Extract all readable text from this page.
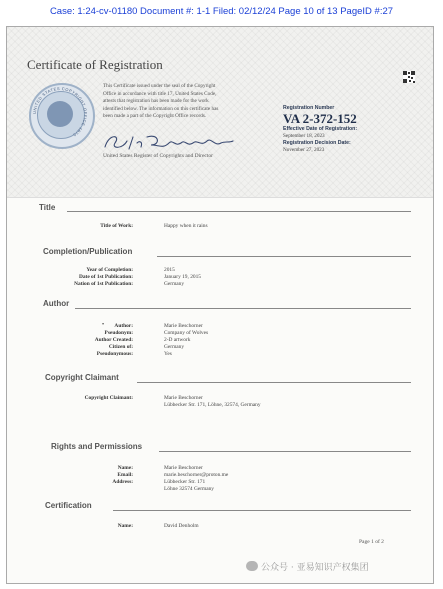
Case: 1:24-cv-01180 Document #: 1-1 Filed: 02/12/24 Page 10 of 13 PageID #:27
Certificate of Registration
UNITED STATES COPYRIGHT OFFICE 1870
This Certificate issued under the seal of the Copyright
Office in accordance with title 17, United States Code,
attests that registration has been made for the work
identified below. The information on this certificate has
been made a part of the Copyright Office records.
United States Register of Copyrights and Director
Registration Number
VA 2-372-152
Effective Date of Registration:
September 18, 2023
Registration Decision Date:
November 27, 2023
Title
Title of Work:	Happy when it rains
Completion/Publication
Year of Completion:	2015
Date of 1st Publication:	January 19, 2015
Nation of 1st Publication:	Germany
Author
• Author:	Marie Beschorner
Pseudonym:	Company of Wolves
Author Created:	2-D artwork
Citizen of:	Germany
Pseudonymous:	Yes
Copyright Claimant
Copyright Claimant:	Marie Beschorner
Lübbecker Str. 171, Löhne, 32574, Germany
Rights and Permissions
Name:	Marie Beschorner
Email:	marie.beschorner@proton.me
Address:	Lübbecker Str. 171
Löhne 32574 Germany
Certification
Name:	David Denholm
Page 1 of 2
公众号 · 亚易知识产权集团
